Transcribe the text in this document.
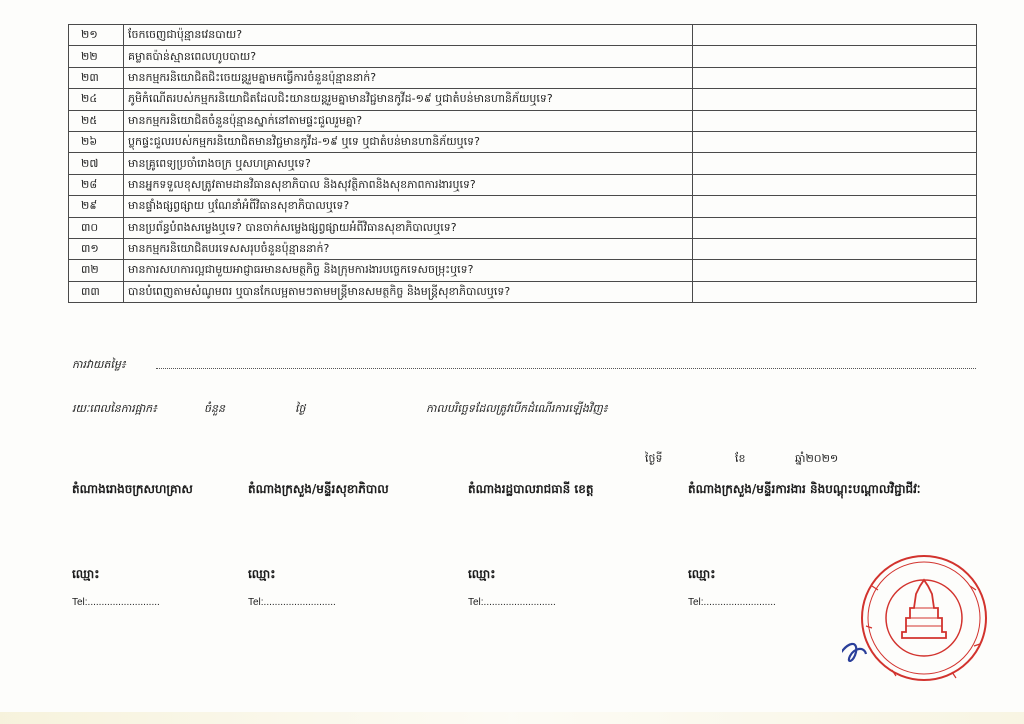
២១	ចែកចេញជាប៉ុន្មានវេនបាយ?	
២២	គម្លាតប៉ាន់ស្មានពេលហូបបាយ?	
២៣	មានកម្មករនិយោជិតជិះចេយន្តរួមគ្នាមកធ្វើការចំនួនប៉ុន្មាននាក់?	
២៤	ភូមិកំណើតរបស់កម្មករនិយោជិតដែលជិះយានយន្តរួមគ្នាមានវិជ្ជមានកូវីដ-១៩ ឬជាតំបន់មានហានិភ័យឬទេ?	
២៥	មានកម្មករនិយោជិតចំនួនប៉ុន្មានស្នាក់នៅតាមផ្ទះជួលរួមគ្នា?	
២៦	ប្លុកផ្ទះជួលរបស់កម្មករនិយោជិតមានវិជ្ជមានកូវីដ-១៩ ឬទេ ឬជាតំបន់មានហានិភ័យឬទេ?	
២៧	មានគ្រូពេទ្យប្រចាំរោងចក្រ ឬសហគ្រាសឬទេ?	
២៨	មានអ្នកទទួលខុសត្រូវតាមដានវិធានសុខាភិបាល និងសុវត្ថិភាពនិងសុខភាពការងារឬទេ?	
២៩	មានផ្ទាំងផ្សព្វផ្សាយ ឬណែនាំអំពីវិធានសុខាភិបាលឬទេ?	
៣០	មានប្រព័ន្ធបំពងសម្លេងឬទេ? បានចាក់សម្លេងផ្សព្វផ្សាយអំពីវិធានសុខាភិបាលឬទេ?	
៣១	មានកម្មករនិយោជិតបរទេសសរុបចំនួនប៉ុន្មាននាក់?	
៣២	មានការសហការល្អជាមួយអាជ្ញាធរមានសមត្ថកិច្ច និងក្រុមការងារបច្ចេកទេសចម្រុះឬទេ?	
៣៣	បានបំពេញតាមសំណូមពរ ឬបានកែលម្អតាមៗតាមមន្ត្រីមានសមត្ថកិច្ច និងមន្ត្រីសុខាភិបាលឬទេ?	
ការវាយតម្លៃ៖
រយៈពេលនៃការផ្អាក៖	ចំនួន	ថ្ងៃ	កាលបរិច្ឆេទដែលត្រូវបើកដំណើរការឡើងវិញ៖
ថ្ងៃទី	ខែ	ឆ្នាំ២០២១
តំណាងរោងចក្រសហគ្រាស	តំណាងក្រសួង/មន្ទីរសុខាភិបាល	តំណាងរដ្ឋបាលរាជធានី ខេត្ត	តំណាងក្រសួង/មន្ទីរការងារ និងបណ្តុះបណ្តាលវិជ្ជាជីវៈ
ឈ្មោះ	ឈ្មោះ	ឈ្មោះ	ឈ្មោះ
Tel:..........................	Tel:..........................	Tel:..........................	Tel:..........................
